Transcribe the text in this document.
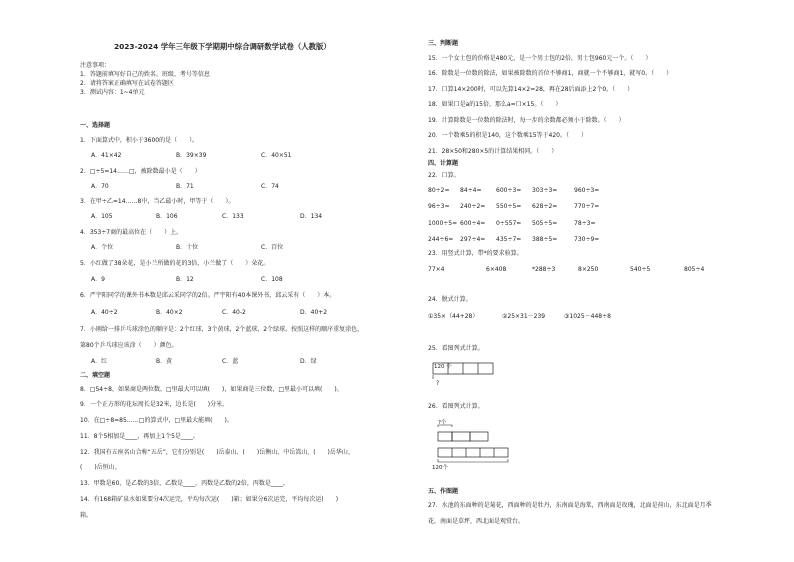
2023-2024 学年三年级下学期期中综合调研数学试卷（人教版）
注意事项：
1．答题前填写好自己的姓名、班级、考号等信息
2．请将答案正确填写在试卷答题区
3．测试内容：1~4单元
一、选择题
1．下面算式中，积小于3600的是（　　）。
A．41×42	B．39×39	C．40×51
2．□÷5=14……□，被除数最小是（　　）
A．70	B．71	C．74
3．在甲÷乙=14……8中，当乙最小时，甲等于（　　）。
A．105	B．106	C．133	D．134
4．353÷7商的最高位在（　　）上。
A．个位	B．十位	C．百位
5．小红做了38朵花，是小兰所做的花的3倍，小兰做了（　　）朵花。
A．9	B．12	C．108
6．严宇阳同学的课外书本数是邱云采同学的2倍。严宇阳有40本课外书，邱云采有（　　）本。
A．40÷2	B．40×2	C．40-2	D．40+2
7．小刚给一排乒乓球涂色的顺序是：2个红球，3个黄球，2个蓝球，2个绿球。按照这样的顺序重复涂色，
第80个乒乓球应该涂（　　）颜色。
A．红	B．黄	C．蓝	D．绿
二、填空题
8．□54÷8，如果商是两位数，□里最大可以填(　　)，如果商是三位数，□里最小可以填(　　)。
9．一个正方形的花坛周长是32米，边长是(　　)分米。
10．在□÷8=85……□的算式中，□里最大能填(　　)。
11．8个5相加是____，再加上1个5是____。
12．我国有五座名山合称“五岳”，它们分别是(　　)岳泰山、(　　)岳衡山、中岳嵩山、(　　)岳华山、
(　　)岳恒山。
13．甲数是60，是乙数的3倍，乙数是____，丙数是乙数的2倍，丙数是____。
14．有168箱矿泉水如果要分4次运完，平均每次运(　　)箱；如果分6次运完，平均每次运(　　)
箱。
三、判断题
15．一个女士包的价格是480元，是一个男士包的2倍，男士包960元一个。（　　）
16．除数是一位数的除法，如果被除数的首位不够商1，商就一个不够商1，就写0。（　　）
17．口算14×200时，可以先算14×2=28，再在28后面添上2个0。（　　）
18．如果口是a的15倍，那么a=口×15。（　　）
19．计算除数是一位数的除法时，每一步的余数都必须小于除数。（　　）
20．一个数乘5的积是140，这个数乘15等于420。（　　）
21．28×50和280×5的计算结果相同。（　　）
四、计算题
22．口算。
80÷2= 84÷4= 600÷3= 303÷3=	960÷3=
96÷3= 240÷2= 550÷5= 628÷2=	770÷7=
1000÷5= 600÷4= 0÷557= 505÷5=	78÷3=
244÷6= 297÷4= 435÷7= 388÷5=	730÷9=
23．用竖式计算，带*的要求验算。
77×4	6×408	*288÷3	8×250	540÷5	805÷4
24．脱式计算。
①35×（44+28）	②25×31－239	③1025－448÷8
25．看图列式计算。
120 个
?
26．看图列式计算。
?个
120个
五、作图题
27．水池的东面种的是菊花，西面种的是牡丹，东南面是海棠，西南面是玫瑰，北面是荷山，东北面是月季
花，南面是草坪，西北面是观赏台。
